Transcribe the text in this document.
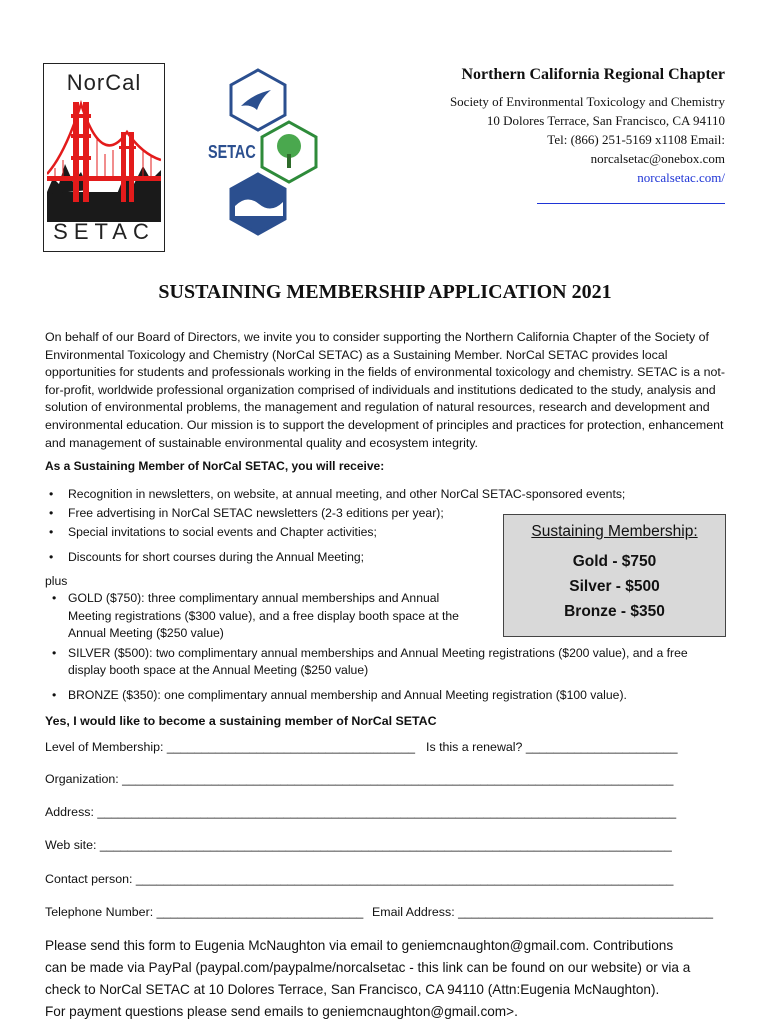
NorCal
SETAC
SETAC
Northern California Regional Chapter
Society of Environmental Toxicology and Chemistry
10 Dolores Terrace, San Francisco, CA 94110
Tel: (866) 251-5169 x1108 Email:
norcalsetac@onebox.com
norcalsetac.com/
SUSTAINING MEMBERSHIP APPLICATION 2021
On behalf of our Board of Directors, we invite you to consider supporting the Northern California Chapter of the Society of Environmental Toxicology and Chemistry (NorCal SETAC) as a Sustaining Member. NorCal SETAC provides local opportunities for students and professionals working in the fields of environmental toxicology and chemistry. SETAC is a not-for-profit, worldwide professional organization comprised of individuals and institutions dedicated to the study, analysis and solution of environmental problems, the management and regulation of natural resources, research and development and environmental education. Our mission is to support the development of principles and practices for protection, enhancement and management of sustainable environmental quality and ecosystem integrity.
As a Sustaining Member of NorCal SETAC, you will receive:
• Recognition in newsletters, on website, at annual meeting, and other NorCal SETAC-sponsored events;
• Free advertising in NorCal SETAC newsletters (2-3 editions per year);
• Special invitations to social events and Chapter activities;
• Discounts for short courses during the Annual Meeting;
plus
• GOLD ($750): three complimentary annual memberships and Annual
Meeting registrations ($300 value), and a free display booth space at the
Annual Meeting ($250 value)
• SILVER ($500): two complimentary annual memberships and Annual Meeting registrations ($200 value), and a free
display booth space at the Annual Meeting ($250 value)
• BRONZE ($350): one complimentary annual membership and Annual Meeting registration ($100 value).
Sustaining Membership:
Gold - $750
Silver - $500
Bronze - $350
Yes, I would like to become a sustaining member of NorCal SETAC
Level of Membership: ____________________________________ Is this a renewal? ______________________
Organization: ________________________________________________________________________________
Address: ____________________________________________________________________________________
Web site: ___________________________________________________________________________________
Contact person: ______________________________________________________________________________
Telephone Number: ______________________________ Email Address: _____________________________________
Please send this form to Eugenia McNaughton via email to geniemcnaughton@gmail.com. Contributions
can be made via PayPal (paypal.com/paypalme/norcalsetac - this link can be found on our website) or via a
check to NorCal SETAC at 10 Dolores Terrace, San Francisco, CA 94110 (Attn:Eugenia McNaughton).
For payment questions please send emails to geniemcnaughton@gmail.com>.
